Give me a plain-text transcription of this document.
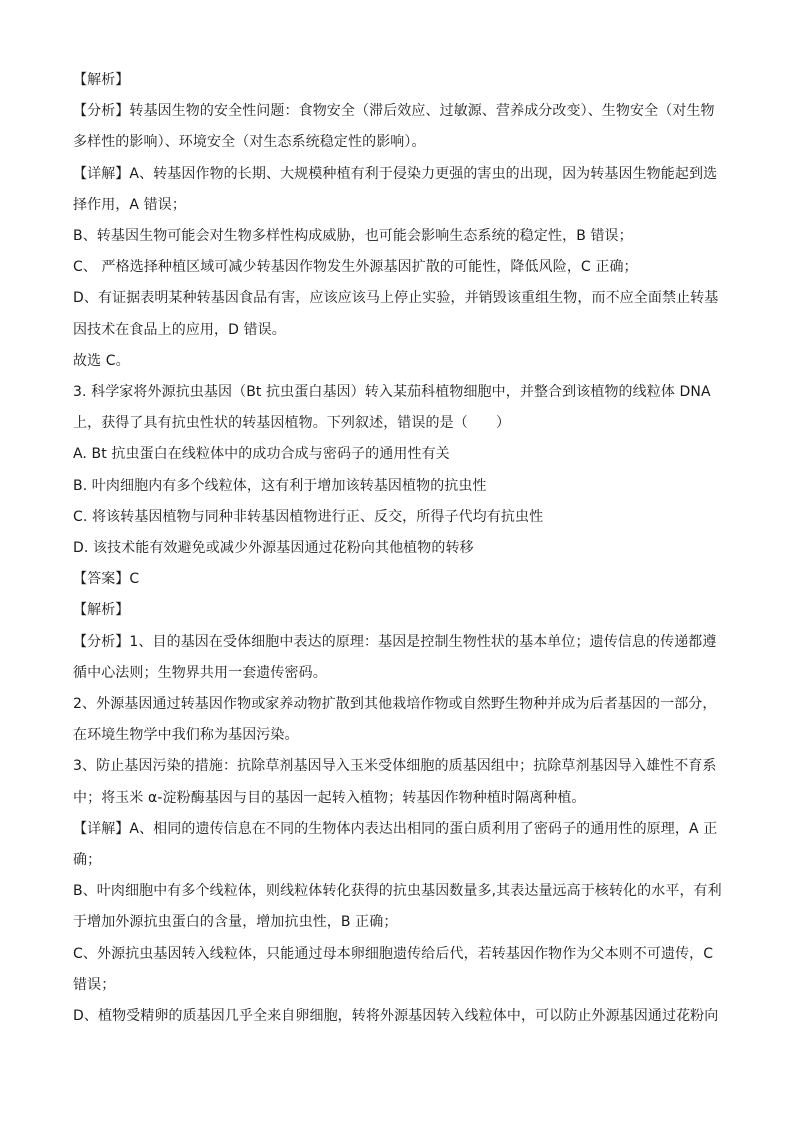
【解析】
【分析】转基因生物的安全性问题：食物安全（滞后效应、过敏源、营养成分改变）、生物安全（对生物
多样性的影响）、环境安全（对生态系统稳定性的影响）。
【详解】A、转基因作物的长期、大规模种植有利于侵染力更强的害虫的出现，因为转基因生物能起到选
择作用，A 错误；
B、转基因生物可能会对生物多样性构成威胁，也可能会影响生态系统的稳定性，B 错误；
C、 严格选择种植区域可减少转基因作物发生外源基因扩散的可能性，降低风险，C 正确；
D、有证据表明某种转基因食品有害，应该应该马上停止实验，并销毁该重组生物，而不应全面禁止转基
因技术在食品上的应用，D 错误。
故选 C。
3. 科学家将外源抗虫基因（Bt 抗虫蛋白基因）转入某茄科植物细胞中，并整合到该植物的线粒体 DNA
上，获得了具有抗虫性状的转基因植物。下列叙述，错误的是（　　）
A. Bt 抗虫蛋白在线粒体中的成功合成与密码子的通用性有关
B. 叶肉细胞内有多个线粒体，这有利于增加该转基因植物的抗虫性
C. 将该转基因植物与同种非转基因植物进行正、反交，所得子代均有抗虫性
D. 该技术能有效避免或减少外源基因通过花粉向其他植物的转移
【答案】C
【解析】
【分析】1、目的基因在受体细胞中表达的原理：基因是控制生物性状的基本单位；遗传信息的传递都遵
循中心法则；生物界共用一套遗传密码。
2、外源基因通过转基因作物或家养动物扩散到其他栽培作物或自然野生物种并成为后者基因的一部分，
在环境生物学中我们称为基因污染。
3、防止基因污染的措施：抗除草剂基因导入玉米受体细胞的质基因组中；抗除草剂基因导入雄性不育系
中；将玉米 α-淀粉酶基因与目的基因一起转入植物；转基因作物种植时隔离种植。
【详解】A、相同的遗传信息在不同的生物体内表达出相同的蛋白质利用了密码子的通用性的原理，A 正
确；
B、叶肉细胞中有多个线粒体，则线粒体转化获得的抗虫基因数量多,其表达量远高于核转化的水平，有利
于增加外源抗虫蛋白的含量，增加抗虫性，B 正确；
C、外源抗虫基因转入线粒体，只能通过母本卵细胞遗传给后代，若转基因作物作为父本则不可遗传，C
错误；
D、植物受精卵的质基因几乎全来自卵细胞，转将外源基因转入线粒体中，可以防止外源基因通过花粉向
